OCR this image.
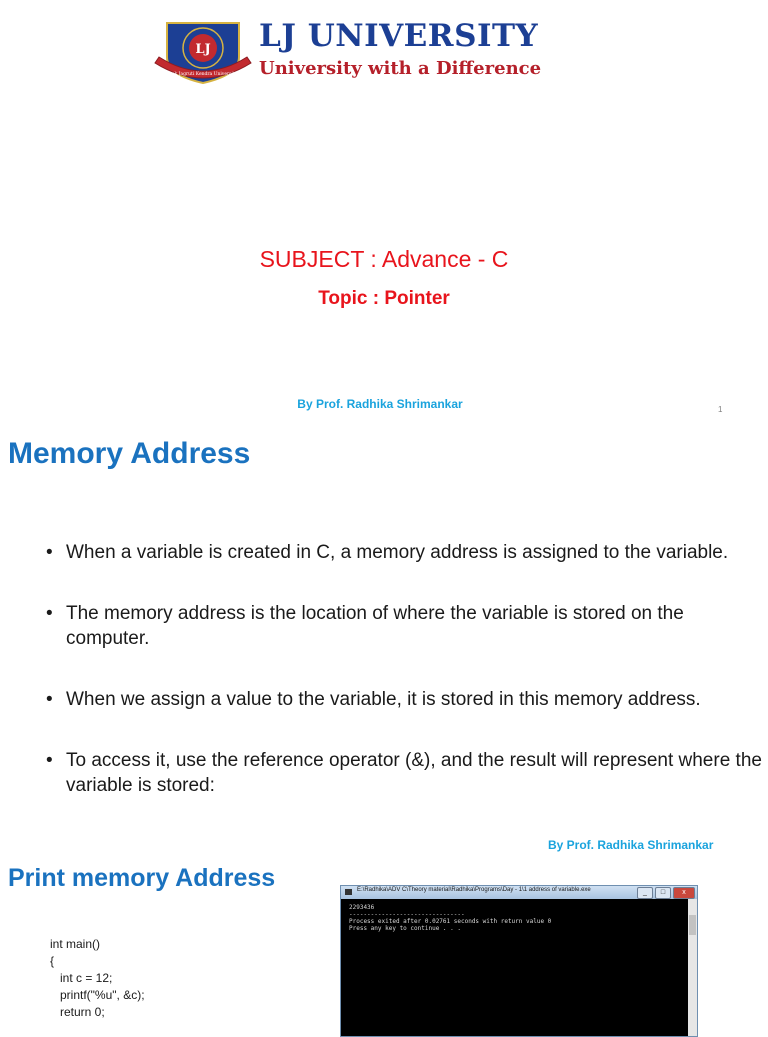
LJ
Lok Jagruti Kendra University
LJ UNIVERSITY
University with a Difference
SUBJECT : Advance - C
Topic : Pointer
By Prof. Radhika Shrimankar	1
Memory Address
• When a variable is created in C, a memory address is assigned to the variable.
• The memory address is the location of where the variable is stored on the computer.
• When we assign a value to the variable, it is stored in this memory address.
• To access it, use the reference operator (&), and the result will represent where the variable is stored:
By Prof. Radhika Shrimankar
Print memory Address
int main()
{
int c = 12;
printf("%u", &c);
return 0;
E:\Radhika\ADV C\Theory material\Radhika\Programs\Day - 1\1 address of variable.exe	_	□	x
2293436
--------------------------------
Process exited after 0.02761 seconds with return value 0
Press any key to continue . . .
